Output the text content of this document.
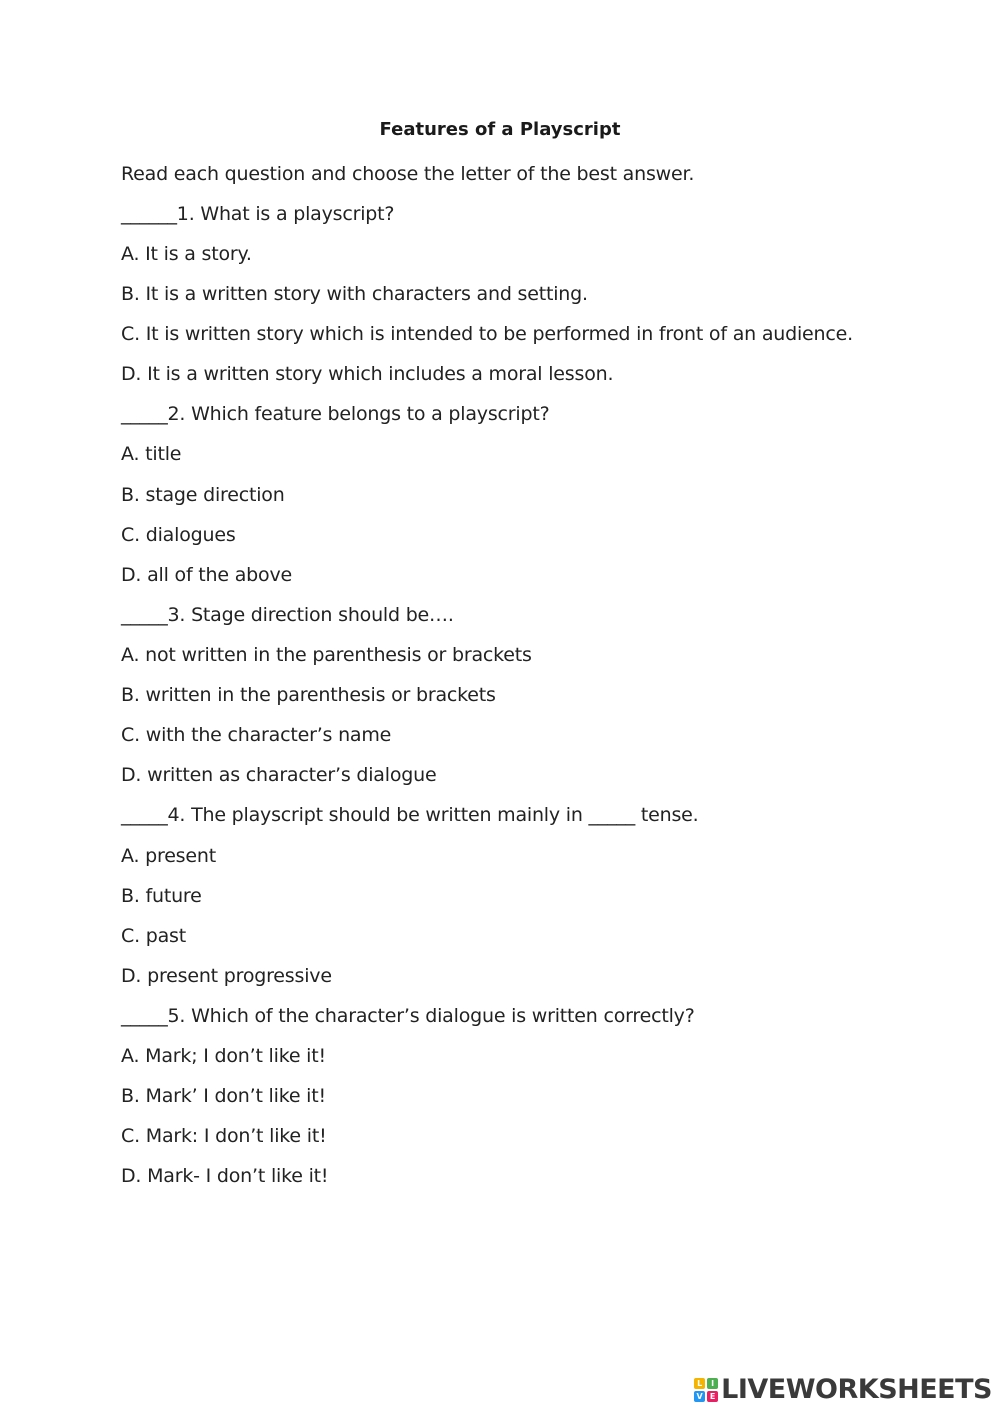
Features of a Playscript
Read each question and choose the letter of the best answer.
______1. What is a playscript?
A. It is a story.
B. It is a written story with characters and setting.
C. It is written story which is intended to be performed in front of an audience.
D. It is a written story which includes a moral lesson.
_____2. Which feature belongs to a playscript?
A. title
B. stage direction
C. dialogues
D. all of the above
_____3. Stage direction should be….
A. not written in the parenthesis or brackets
B. written in the parenthesis or brackets
C. with the character’s name
D. written as character’s dialogue
_____4. The playscript should be written mainly in _____ tense.
A. present
B. future
C. past
D. present progressive
_____5. Which of the character’s dialogue is written correctly?
A. Mark; I don’t like it!
B. Mark’ I don’t like it!
C. Mark: I don’t like it!
D. Mark- I don’t like it!
L	I
V E LIVEWORKSHEETS
